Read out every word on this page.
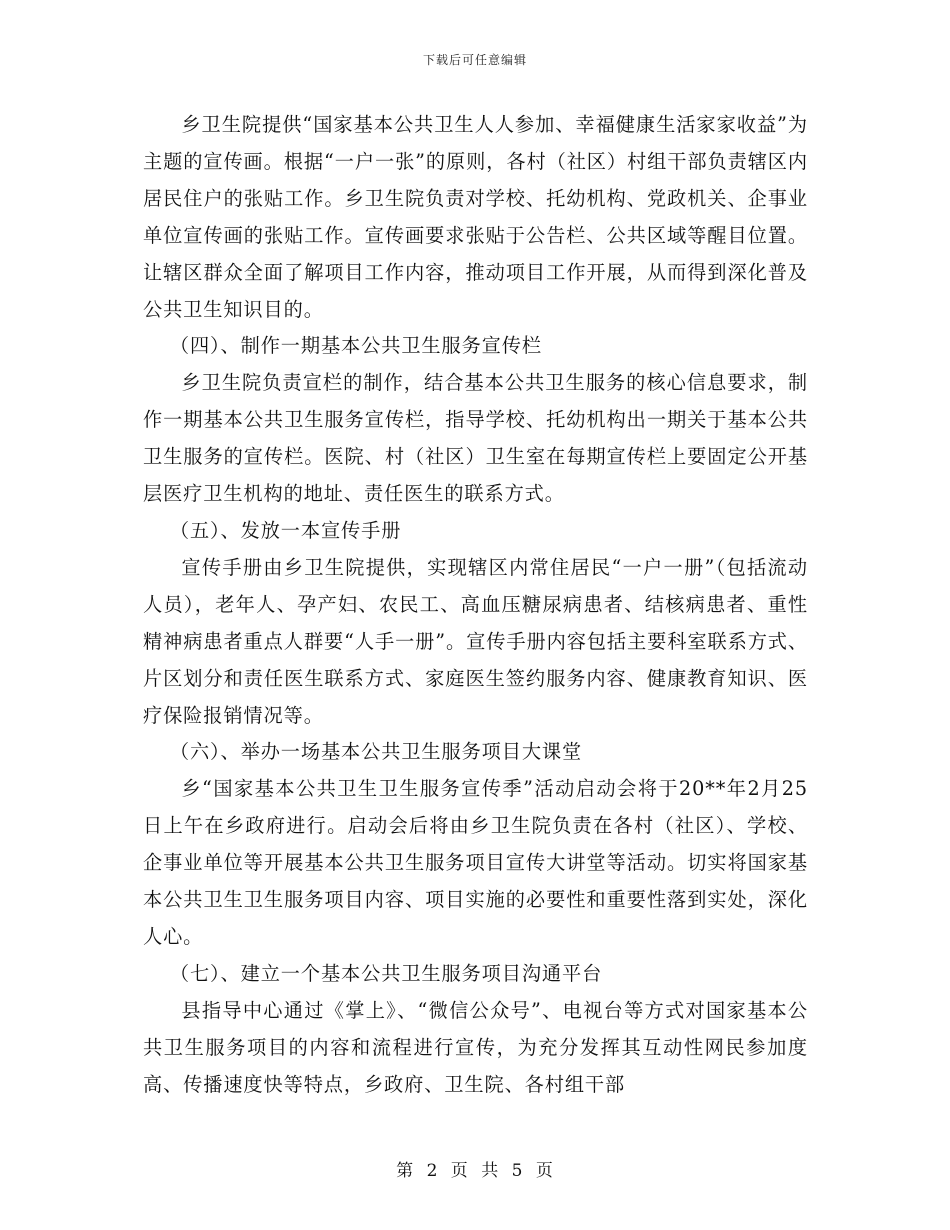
下载后可任意编辑

乡卫生院提供“国家基本公共卫生人人参加、幸福健康生活家家收益”为主题的宣传画。根据“一户一张”的原则，各村（社区）村组干部负责辖区内居民住户的张贴工作。乡卫生院负责对学校、托幼机构、党政机关、企事业单位宣传画的张贴工作。宣传画要求张贴于公告栏、公共区域等醒目位置。让辖区群众全面了解项目工作内容，推动项目工作开展，从而得到深化普及公共卫生知识目的。

（四）、制作一期基本公共卫生服务宣传栏

乡卫生院负责宣栏的制作，结合基本公共卫生服务的核心信息要求，制作一期基本公共卫生服务宣传栏，指导学校、托幼机构出一期关于基本公共卫生服务的宣传栏。医院、村（社区）卫生室在每期宣传栏上要固定公开基层医疗卫生机构的地址、责任医生的联系方式。

（五）、发放一本宣传手册

宣传手册由乡卫生院提供，实现辖区内常住居民“一户一册”（包括流动人员），老年人、孕产妇、农民工、高血压糖尿病患者、结核病患者、重性精神病患者重点人群要“人手一册”。宣传手册内容包括主要科室联系方式、片区划分和责任医生联系方式、家庭医生签约服务内容、健康教育知识、医疗保险报销情况等。

（六）、举办一场基本公共卫生服务项目大课堂

乡“国家基本公共卫生卫生服务宣传季”活动启动会将于20**年2月25日上午在乡政府进行。启动会后将由乡卫生院负责在各村（社区）、学校、企事业单位等开展基本公共卫生服务项目宣传大讲堂等活动。切实将国家基本公共卫生卫生服务项目内容、项目实施的必要性和重要性落到实处，深化人心。

（七）、建立一个基本公共卫生服务项目沟通平台

县指导中心通过《掌上》、“微信公众号”、电视台等方式对国家基本公共卫生服务项目的内容和流程进行宣传，为充分发挥其互动性网民参加度高、传播速度快等特点，乡政府、卫生院、各村组干部

第 2 页 共 5 页
